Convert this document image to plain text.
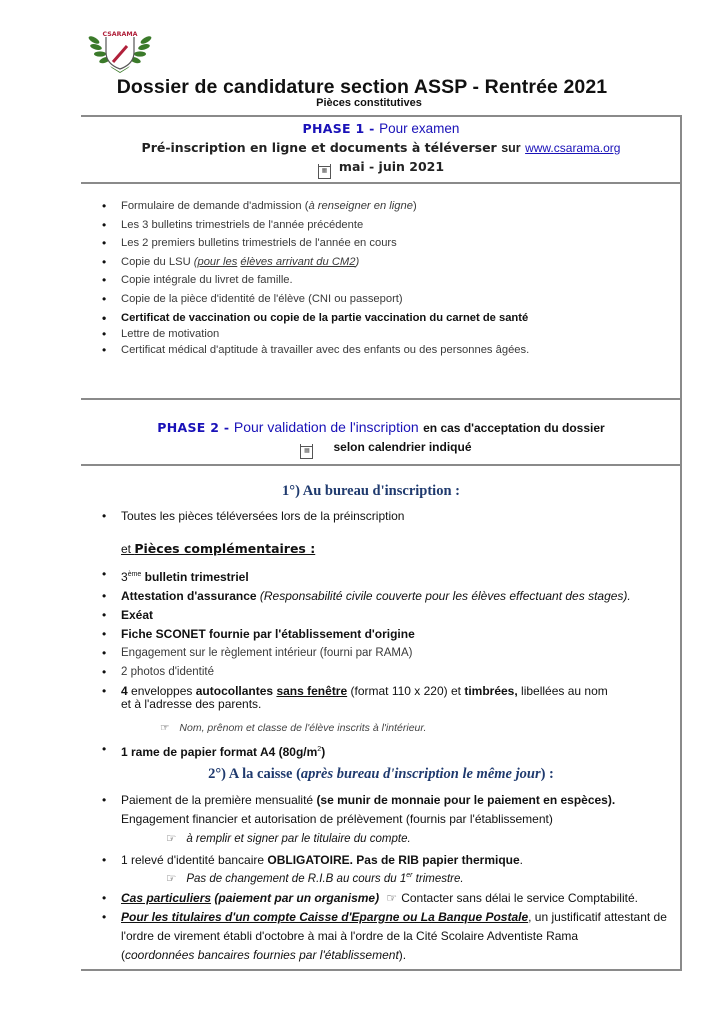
CSARAMA
Dossier de candidature section ASSP - Rentrée 2021
Pièces constitutives
PHASE 1 - Pour examen
Pré-inscription en ligne et documents à téléverser sur www.csarama.org
▦ mai - juin 2021
• Formulaire de demande d'admission (à renseigner en ligne)
• Les 3 bulletins trimestriels de l'année précédente
• Les 2 premiers bulletins trimestriels de l'année en cours
• Copie du LSU (pour les élèves arrivant du CM2)
• Copie intégrale du livret de famille.
• Copie de la pièce d'identité de l'élève (CNI ou passeport)
• Certificat de vaccination ou copie de la partie vaccination du carnet de santé
• Lettre de motivation
• Certificat médical d'aptitude à travailler avec des enfants ou des personnes âgées.
PHASE 2 - Pour validation de l'inscription en cas d'acceptation du dossier
▦ selon calendrier indiqué
1°) Au bureau d'inscription :
• Toutes les pièces téléversées lors de la préinscription
et Pièces complémentaires :
• 3ème bulletin trimestriel
• Attestation d'assurance (Responsabilité civile couverte pour les élèves effectuant des stages).
• Exéat
• Fiche SCONET fournie par l'établissement d'origine
• Engagement sur le règlement intérieur (fourni par RAMA)
• 2 photos d'identité
• 4 enveloppes autocollantes sans fenêtre (format 110 x 220) et timbrées, libellées au nom
et à l'adresse des parents.
☞ Nom, prênom et classe de l'élève inscrits à l'intérieur.
• 1 rame de papier format A4 $(80g/m^2)$
2°) A la caisse (après bureau d'inscription le même jour) :
• Paiement de la première mensualité (se munir de monnaie pour le paiement en espèces).
Engagement financier et autorisation de prélèvement (fournis par l'établissement)
☞ à remplir et signer par le titulaire du compte.
• 1 relevé d'identité bancaire OBLIGATOIRE. Pas de RIB papier thermique.
☞ Pas de changement de R.I.B au cours du 1er trimestre.
• Cas particuliers (paiement par un organisme) ☞ Contacter sans délai le service Comptabilité.
• Pour les titulaires d'un compte Caisse d'Epargne ou La Banque Postale, un justificatif attestant de
l'ordre de virement établi d'octobre à mai à l'ordre de la Cité Scolaire Adventiste Rama
(coordonnées bancaires fournies par l'établissement).
